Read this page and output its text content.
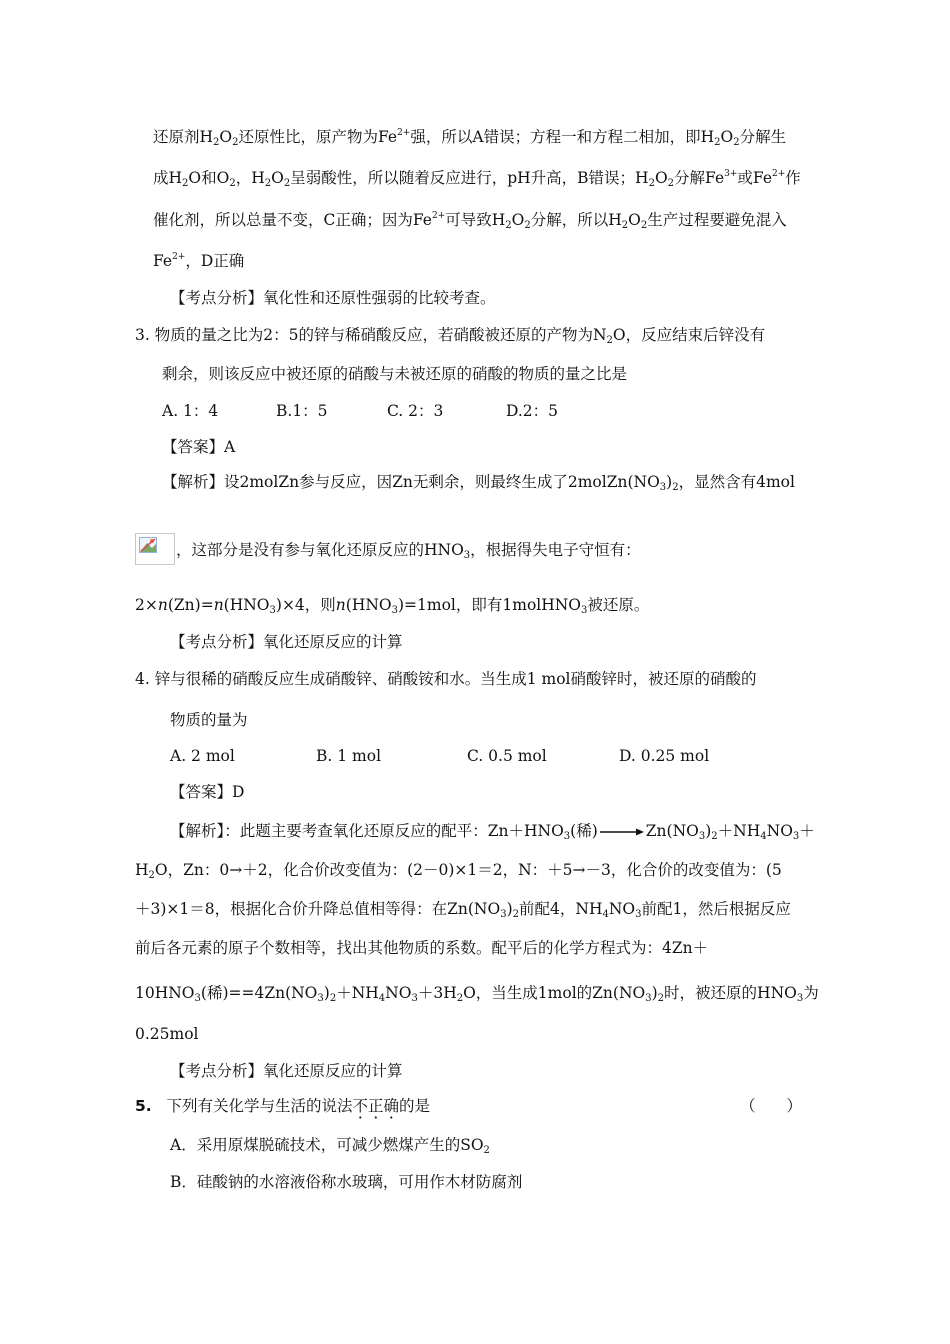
还原剂$H_2O_2$还原性比，原产物为$Fe^{2+}$强，所以A错误；方程一和方程二相加，即$H_2O_2$分解生
成$H_2O$和$O_2$，$H_2O_2$呈弱酸性，所以随着反应进行，pH升高，B错误；$H_2O_2$分解$Fe^{3+}$或$Fe^{2+}$作
催化剂，所以总量不变，C正确；因为$Fe^{2+}$可导致$H_2O_2$分解，所以$H_2O_2$生产过程要避免混入
$Fe^{2+}$，D正确
【考点分析】氧化性和还原性强弱的比较考查。
3. 物质的量之比为2：5的锌与稀硝酸反应，若硝酸被还原的产物为$N_2O$，反应结束后锌没有
剩余，则该反应中被还原的硝酸与未被还原的硝酸的物质的量之比是
A. 1：4	B.1：5	C. 2：3	D.2：5
【答案】A
【解析】设2molZn参与反应，因Zn无剩余，则最终生成了$2molZn(NO_3)_2$，显然含有4mol
，这部分是没有参与氧化还原反应的$HNO_3$，根据得失电子守恒有：
$2\times n(Zn)=n(HNO_3)\times 4$，则$n(HNO_3)=1mol$，即有1molHNO$_3$被还原。
【考点分析】氧化还原反应的计算
4. 锌与很稀的硝酸反应生成硝酸锌、硝酸铵和水。当生成1 mol硝酸锌时，被还原的硝酸的
物质的量为
A. 2 mol	B. 1 mol	C. 0.5 mol	D. 0.25 mol
【答案】D
【解析】：此题主要考查氧化还原反应的配平：$Zn+HNO_3$(稀) → $Zn(NO_3)_2+NH_4NO_3+$
$H_2O$，Zn：0→＋2，化合价改变值为：(2－0)×1＝2，N：＋5→－3，化合价的改变值为：(5
＋3)×1＝8，根据化合价升降总值相等得：在$Zn(NO_3)_2$前配4，$NH_4NO_3$前配1，然后根据反应
前后各元素的原子个数相等，找出其他物质的系数。配平后的化学方程式为：4Zn＋
$10HNO_3$(稀)$==4Zn(NO_3)_2+NH_4NO_3+3H_2O$，当生成1mol的$Zn(NO_3)_2$时，被还原的$HNO_3$为
0.25mol
【考点分析】氧化还原反应的计算
5. 下列有关化学与生活的说法不正确的是	（　　）
A．采用原煤脱硫技术，可减少燃煤产生的$SO_2$
B．硅酸钠的水溶液俗称水玻璃，可用作木材防腐剂
